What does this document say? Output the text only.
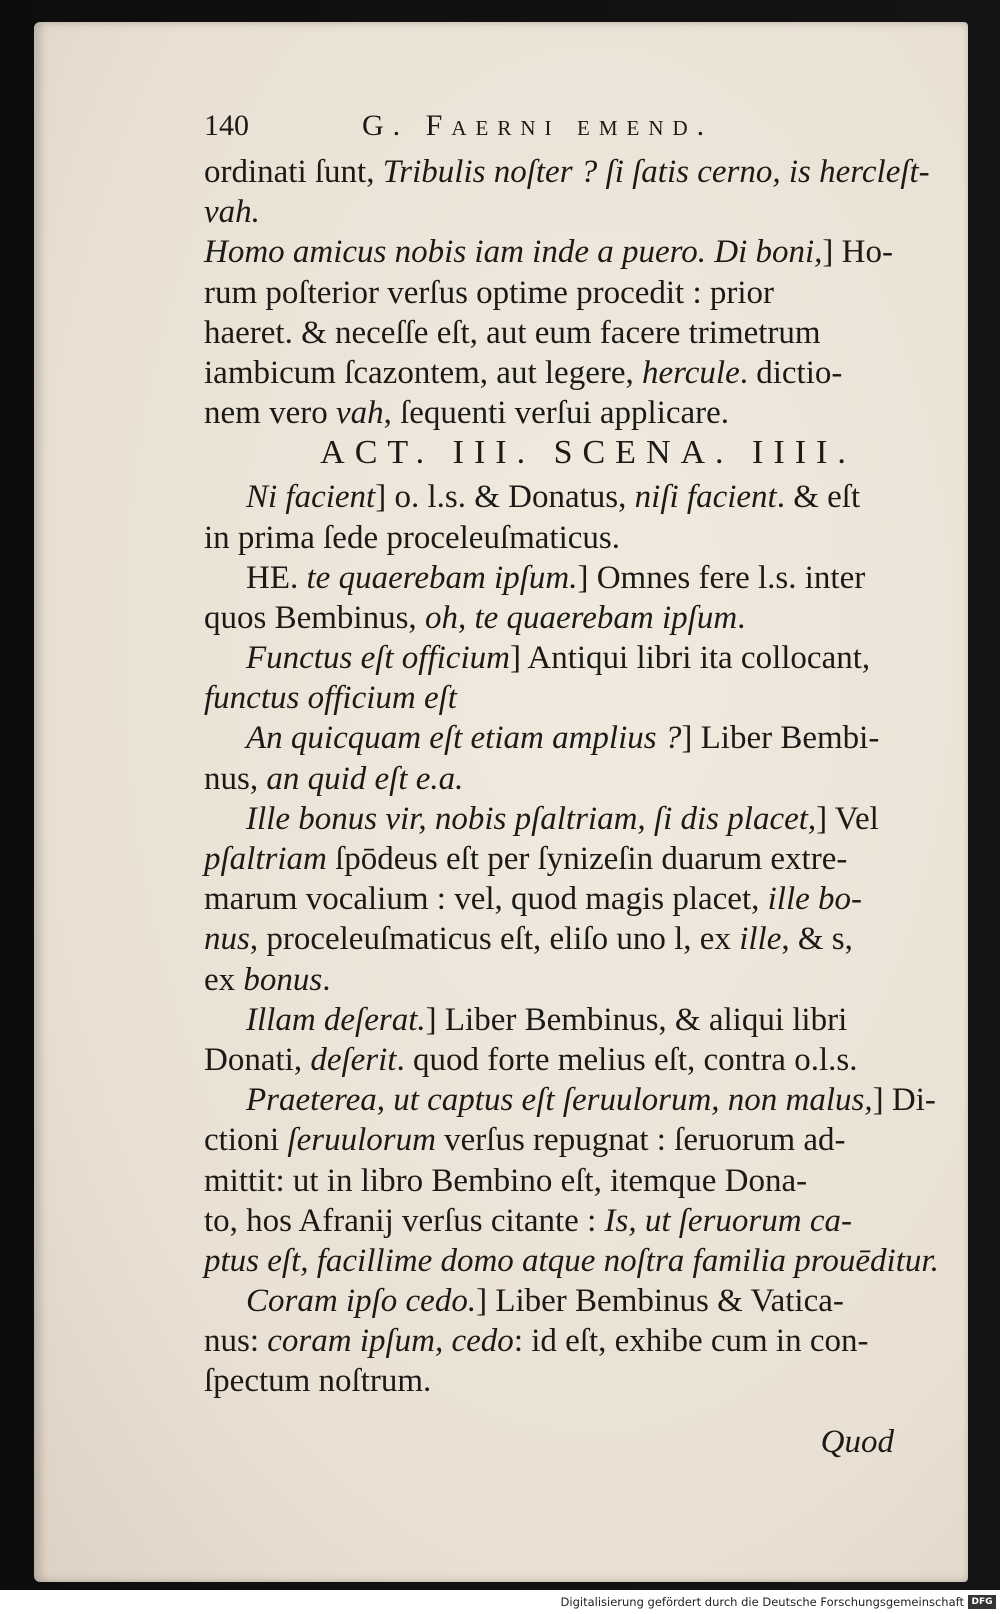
140	G. Faerni emend.
ordinati ſunt, Tribulis noſter ? ſi ſatis cerno, is hercleſt-
vah.
Homo amicus nobis iam inde a puero. Di boni,] Ho-
rum poſterior verſus optime procedit : prior
haeret. & neceſſe eſt, aut eum facere trimetrum
iambicum ſcazontem, aut legere, hercule. dictio-
nem vero vah, ſequenti verſui applicare.
ACT. III. SCENA. IIII.
Ni facient] o. l.s. & Donatus, niſi facient. & eſt
in prima ſede proceleuſmaticus.
HE. te quaerebam ipſum.] Omnes fere l.s. inter
quos Bembinus, oh, te quaerebam ipſum.
Functus eſt officium] Antiqui libri ita collocant,
functus officium eſt
An quicquam eſt etiam amplius ?] Liber Bembi-
nus, an quid eſt e.a.
Ille bonus vir, nobis pſaltriam, ſi dis placet,] Vel
pſaltriam ſpōdeus eſt per ſynizeſin duarum extre-
marum vocalium : vel, quod magis placet, ille bo-
nus, proceleuſmaticus eſt, eliſo uno l, ex ille, & s,
ex bonus.
Illam deſerat.] Liber Bembinus, & aliqui libri
Donati, deſerit. quod forte melius eſt, contra o.l.s.
Praeterea, ut captus eſt ſeruulorum, non malus,] Di-
ctioni ſeruulorum verſus repugnat : ſeruorum ad-
mittit: ut in libro Bembino eſt, itemque Dona-
to, hos Afranij verſus citante : Is, ut ſeruorum ca-
ptus eſt, facillime domo atque noſtra familia prouēditur.
Coram ipſo cedo.] Liber Bembinus & Vatica-
nus: coram ipſum, cedo: id eſt, exhibe cum in con-
ſpectum noſtrum.
Quod
Digitalisierung gefördert durch die Deutsche Forschungsgemeinschaft DFG
